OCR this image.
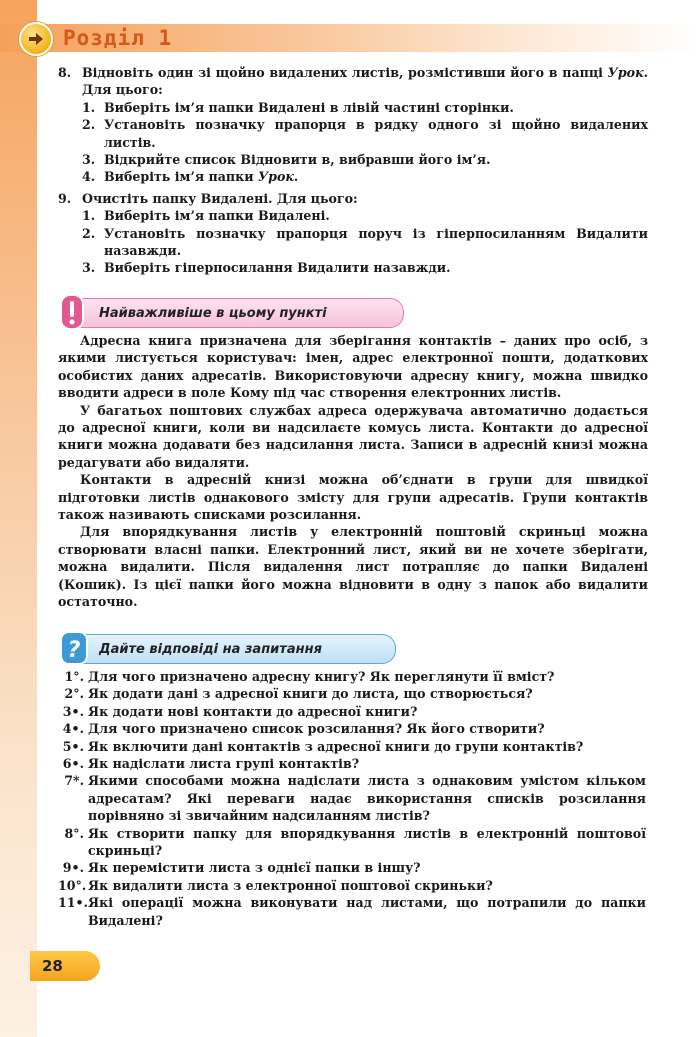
Розділ 1
8. Відновіть один зі щойно видалених листів, розмістивши його в папці Урок. Для цього:
1. Виберіть ім’я папки Видалені в лівій частині сторінки.
2. Установіть позначку прапорця в рядку одного зі щойно видалених листів.
3. Відкрийте список Відновити в, вибравши його ім’я.
4. Виберіть ім’я папки Урок.
9. Очистіть папку Видалені. Для цього:
1. Виберіть ім’я папки Видалені.
2. Установіть позначку прапорця поруч із гіперпосиланням Видалити назавжди.
3. Виберіть гіперпосилання Видалити назавжди.
Найважливіше в цьому пункті

Адресна книга призначена для зберігання контактів – даних про осіб, з якими листується користувач: імен, адрес електронної пошти, додаткових особистих даних адресатів. Використовуючи адресну книгу, можна швидко вводити адреси в поле Кому під час створення електронних листів.

У багатьох поштових службах адреса одержувача автоматично додається до адресної книги, коли ви надсилаєте комусь листа. Контакти до адресної книги можна додавати без надсилання листа. Записи в адресній книзі можна редагувати або видаляти.

Контакти в адресній книзі можна об’єднати в групи для швидкої підготовки листів однакового змісту для групи адресатів. Групи контактів також називають списками розсилання.

Для впорядкування листів у електронній поштовій скриньці можна створювати власні папки. Електронний лист, який ви не хочете зберігати, можна видалити. Після видалення лист потрапляє до папки Видалені (Кошик). Із цієї папки його можна відновити в одну з папок або видалити остаточно.

? Дайте відповіді на запитання
1°. Для чого призначено адресну книгу? Як переглянути її вміст?
2°. Як додати дані з адресної книги до листа, що створюється?
3•. Як додати нові контакти до адресної книги?
4•. Для чого призначено список розсилання? Як його створити?
5•. Як включити дані контактів з адресної книги до групи контактів?
6•. Як надіслати листа групі контактів?
7*. Якими способами можна надіслати листа з однаковим умістом кільком адресатам? Які переваги надає використання списків розсилання порівняно зі звичайним надсиланням листів?
8°. Як створити папку для впорядкування листів в електронній поштової скриньці?
9•. Як перемістити листа з однієї папки в іншу?
10°. Як видалити листа з електронної поштової скриньки?
11•. Які операції можна виконувати над листами, що потрапили до папки Видалені?
28
